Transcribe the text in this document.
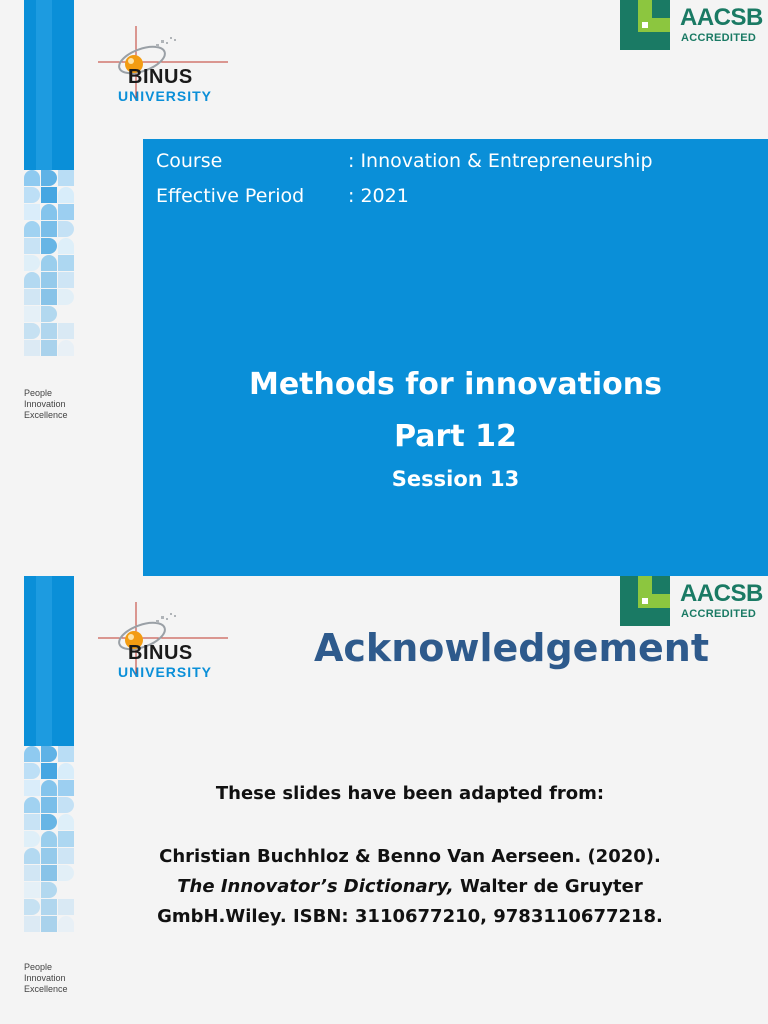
People
Innovation
Excellence
BINUS
UNIVERSITY
AACSB
ACCREDITED
Course	: Innovation & Entrepreneurship
Effective Period : 2021
Methods for innovations
Part 12
Session 13
People
Innovation
Excellence
BINUS
UNIVERSITY
AACSB
ACCREDITED
Acknowledgement
These slides have been adapted from:
Christian Buchhloz & Benno Van Aerseen. (2020).
The Innovator’s Dictionary, Walter de Gruyter
GmbH.Wiley. ISBN: 3110677210, 9783110677218.
